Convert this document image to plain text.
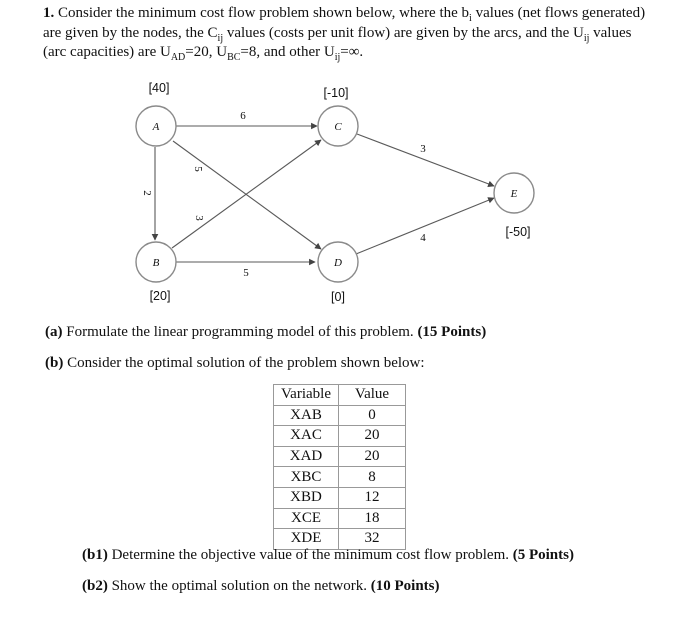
1. Consider the minimum cost flow problem shown below, where the $b_i$ values (net flows generated) are given by the nodes, the $C_{ij}$ values (costs per unit flow) are given by the arcs, and the $U_{ij}$ values (arc capacities) are $U_{AD}=20$, $U_{BC}=8$, and other $U_{ij}=\infty$.
6
5
2
3
5
3
4
A	C
E
B	D
[40]	[-10]
[-50]
[20]	[0]
(a) Formulate the linear programming model of this problem. (15 Points)
(b) Consider the optimal solution of the problem shown below:
Variable	Value
XAB	0
XAC	20
XAD	20
XBC	8
XBD	12
XCE	18
XDE	32
(b1) Determine the objective value of the minimum cost flow problem. (5 Points)
(b2) Show the optimal solution on the network. (10 Points)
